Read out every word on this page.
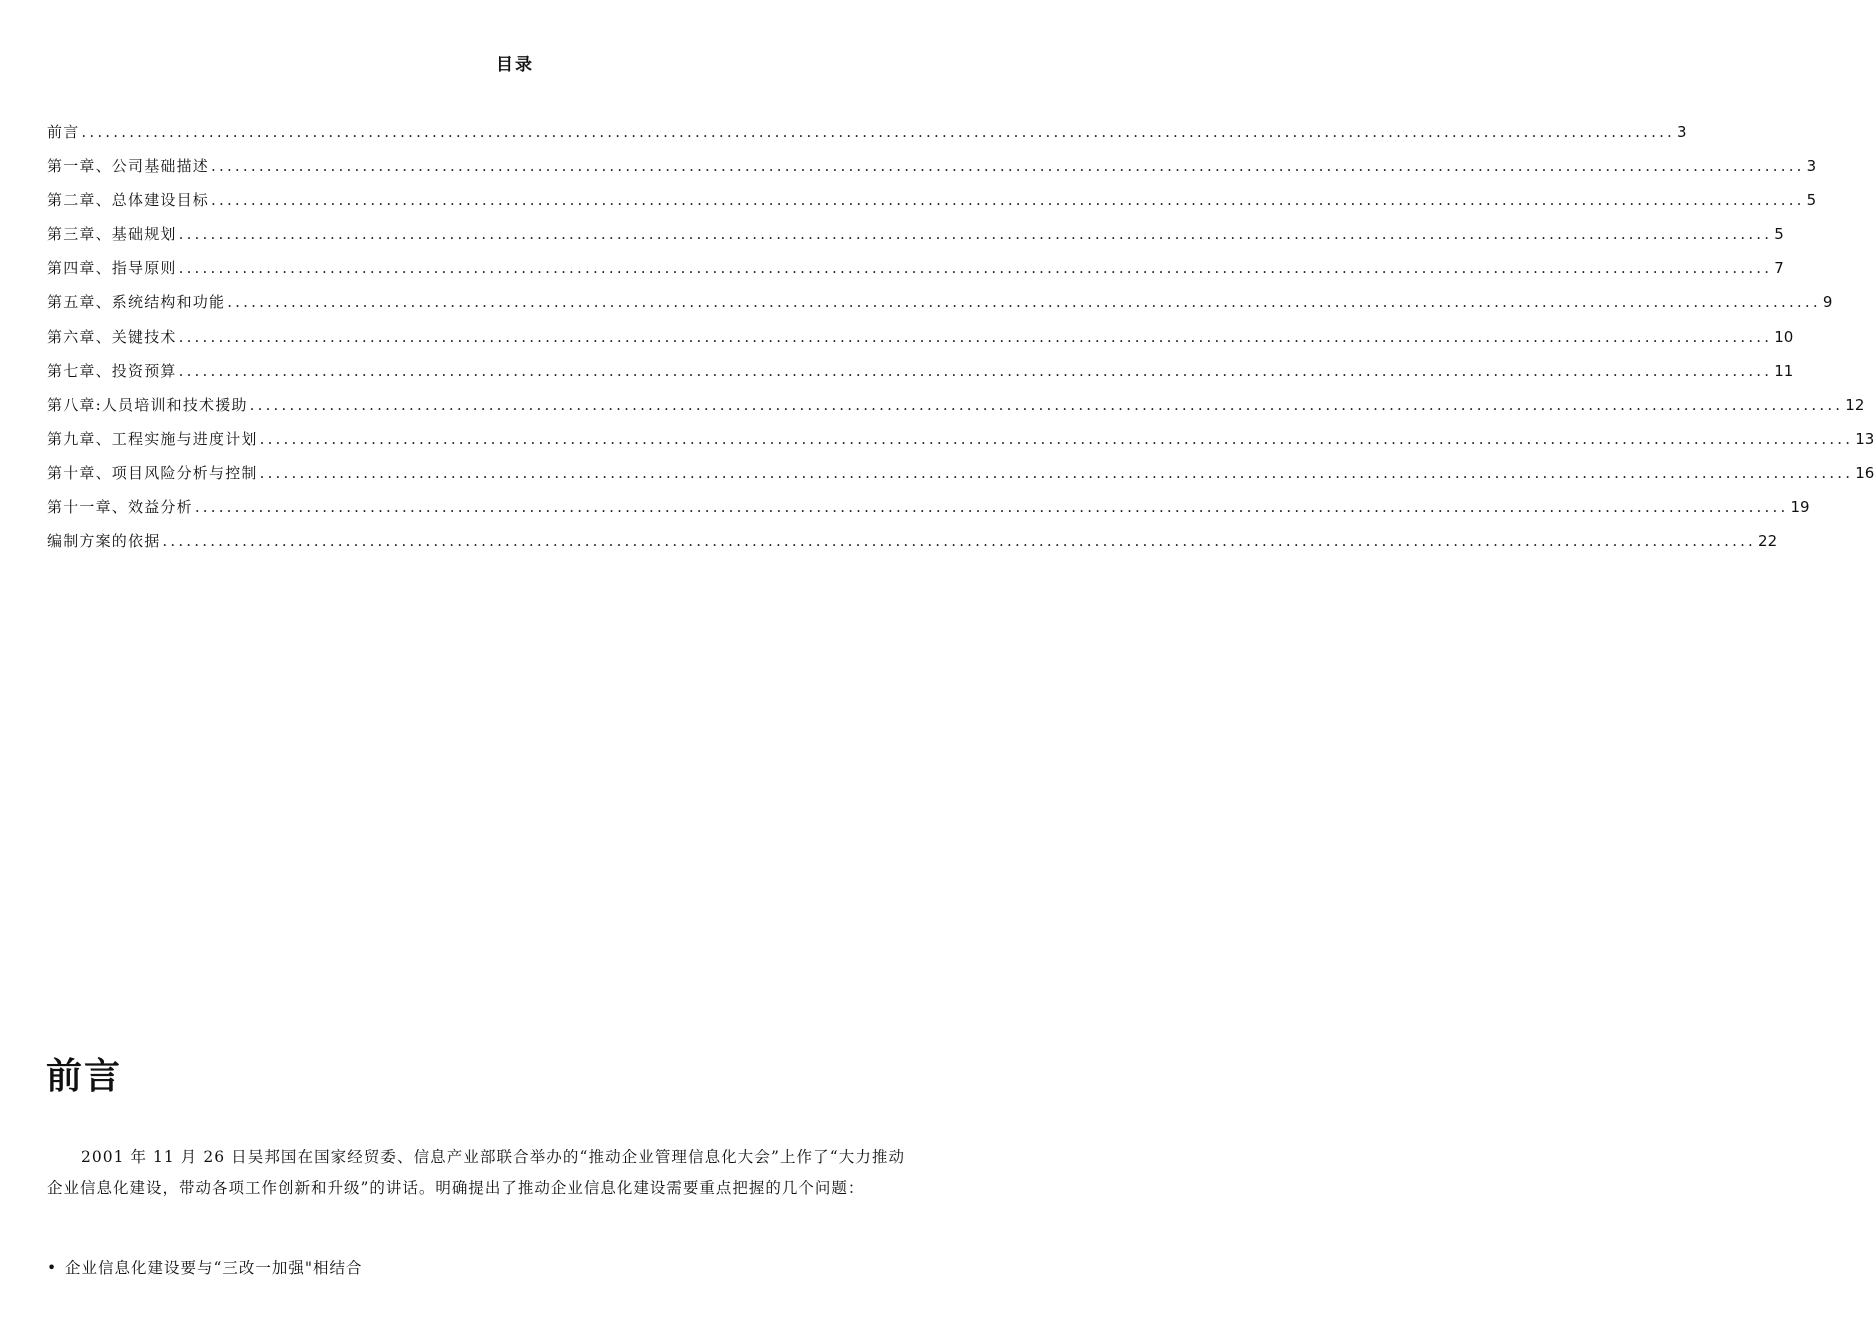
目录
前言 ........................................................................................................................................................................................................ 3
第一章、公司基础描述 ........................................................................................................................................................................................................ 3
第二章、总体建设目标 ........................................................................................................................................................................................................ 5
第三章、基础规划 ........................................................................................................................................................................................................ 5
第四章、指导原则 ........................................................................................................................................................................................................ 7
第五章、系统结构和功能 ........................................................................................................................................................................................................ 9
第六章、关键技术 ........................................................................................................................................................................................................ 10
第七章、投资预算 ........................................................................................................................................................................................................ 11
第八章:人员培训和技术援助 ........................................................................................................................................................................................................ 12
第九章、工程实施与进度计划 ........................................................................................................................................................................................................ 13
第十章、项目风险分析与控制 ........................................................................................................................................................................................................ 16
第十一章、效益分析 ........................................................................................................................................................................................................ 19
编制方案的依据 ........................................................................................................................................................................................................ 22
前言

2001 年 11 月 26 日吴邦国在国家经贸委、信息产业部联合举办的“推动企业管理信息化大会”上作了“大力推动企业信息化建设，带动各项工作创新和升级”的讲话。明确提出了推动企业信息化建设需要重点把握的几个问题：

• 企业信息化建设要与“三改一加强"相结合
